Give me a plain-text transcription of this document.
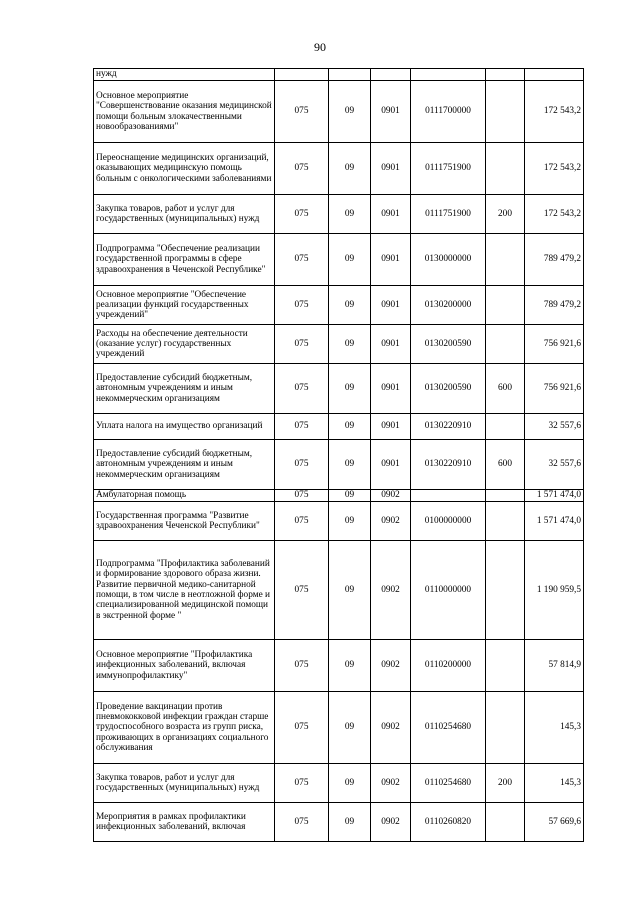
90
нужд						
Основное мероприятие "Совершенствование оказания медицинской помощи больным злокачественными новообразованиями"	075	09	0901	0111700000		172 543,2
Переоснащение медицинских организаций, оказывающих медицинскую помощь больным с онкологическими заболеваниями	075	09	0901	0111751900		172 543,2
Закупка товаров, работ и услуг для государственных (муниципальных) нужд	075	09	0901	0111751900	200	172 543,2
Подпрограмма "Обеспечение реализации государственной программы в сфере здравоохранения в Чеченской Республике"	075	09	0901	0130000000		789 479,2
Основное мероприятие "Обеспечение реализации функций государственных учреждений"	075	09	0901	0130200000		789 479,2
Расходы на обеспечение деятельности (оказание услуг) государственных учреждений	075	09	0901	0130200590		756 921,6
Предоставление субсидий бюджетным, автономным учреждениям и иным некоммерческим организациям	075	09	0901	0130200590	600	756 921,6
Уплата налога на имущество организаций	075	09	0901	0130220910		32 557,6
Предоставление субсидий бюджетным, автономным учреждениям и иным некоммерческим организациям	075	09	0901	0130220910	600	32 557,6
Амбулаторная помощь	075	09	0902			1 571 474,0
Государственная программа "Развитие здравоохранения Чеченской Республики"	075	09	0902	0100000000		1 571 474,0
Подпрограмма "Профилактика заболеваний и формирование здорового образа жизни. Развитие первичной медико-санитарной помощи, в том числе в неотложной форме и специализированной медицинской помощи в экстренной форме "	075	09	0902	0110000000		1 190 959,5
Основное мероприятие "Профилактика инфекционных заболеваний, включая иммунопрофилактику"	075	09	0902	0110200000		57 814,9
Проведение вакцинации против пневмококковой инфекции граждан старше трудоспособного возраста из групп риска, проживающих в организациях социального обслуживания	075	09	0902	0110254680		145,3
Закупка товаров, работ и услуг для государственных (муниципальных) нужд	075	09	0902	0110254680	200	145,3
Мероприятия в рамках профилактики инфекционных заболеваний, включая	075	09	0902	0110260820		57 669,6
